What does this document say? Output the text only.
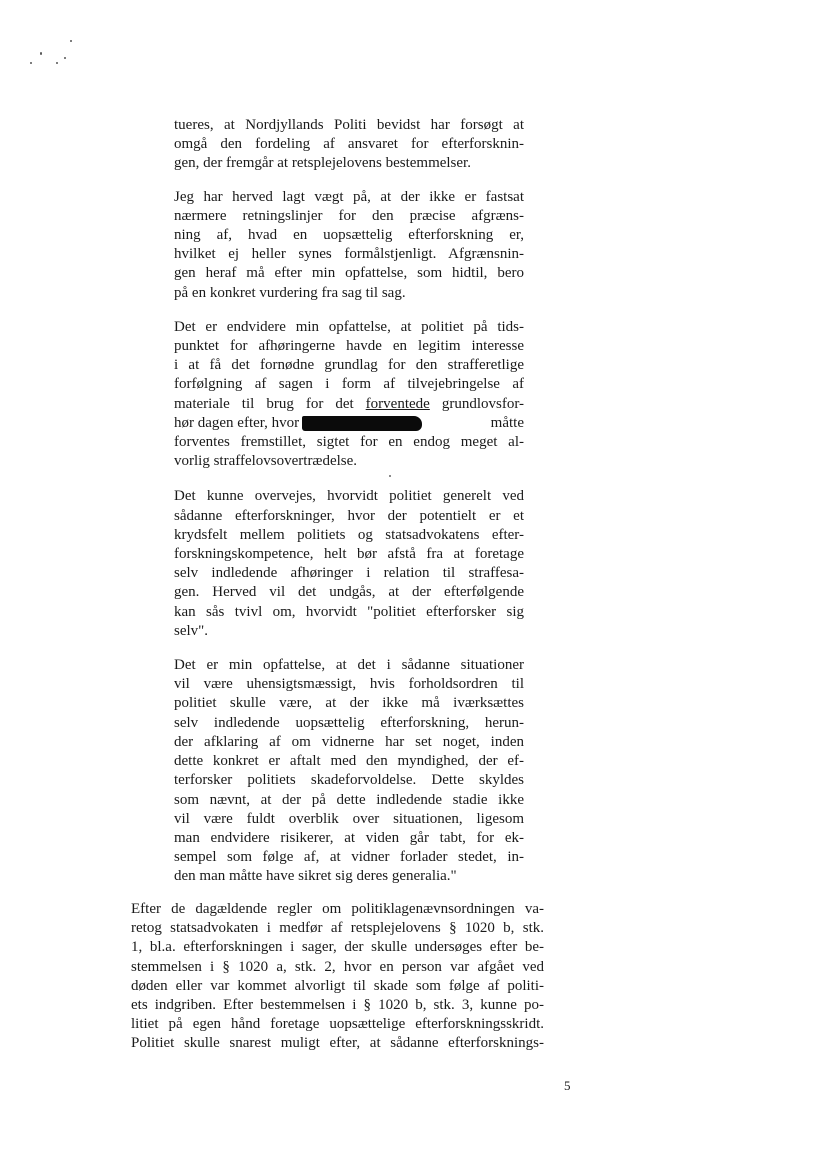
tueres, at Nordjyllands Politi bevidst har forsøgt at
omgå den fordeling af ansvaret for efterforsknin-
gen, der fremgår at retsplejelovens bestemmelser.

Jeg har herved lagt vægt på, at der ikke er fastsat
nærmere retningslinjer for den præcise afgræns-
ning af, hvad en uopsættelig efterforskning er,
hvilket ej heller synes formålstjenligt. Afgrænsnin-
gen heraf må efter min opfattelse, som hidtil, bero
på en konkret vurdering fra sag til sag.

Det er endvidere min opfattelse, at politiet på tids-
punktet for afhøringerne havde en legitim interesse
i at få det fornødne grundlag for den strafferetlige
forfølgning af sagen i form af tilvejebringelse af
materiale til brug for det forventede grundlovsfor-
hør dagen efter, hvor	måtte
forventes fremstillet, sigtet for en endog meget al-
vorlig straffelovsovertrædelse.

Det kunne overvejes, hvorvidt politiet generelt ved
sådanne efterforskninger, hvor der potentielt er et
krydsfelt mellem politiets og statsadvokatens efter-
forskningskompetence, helt bør afstå fra at foretage
selv indledende afhøringer i relation til straffesa-
gen. Herved vil det undgås, at der efterfølgende
kan sås tvivl om, hvorvidt "politiet efterforsker sig
selv".

Det er min opfattelse, at det i sådanne situationer
vil være uhensigtsmæssigt, hvis forholdsordren til
politiet skulle være, at der ikke må iværksættes
selv indledende uopsættelig efterforskning, herun-
der afklaring af om vidnerne har set noget, inden
dette konkret er aftalt med den myndighed, der ef-
terforsker politiets skadeforvoldelse. Dette skyldes
som nævnt, at der på dette indledende stadie ikke
vil være fuldt overblik over situationen, ligesom
man endvidere risikerer, at viden går tabt, for ek-
sempel som følge af, at vidner forlader stedet, in-
den man måtte have sikret sig deres generalia."

Efter de dagældende regler om politiklagenævnsordningen va-
retog statsadvokaten i medfør af retsplejelovens § 1020 b, stk.
1, bl.a. efterforskningen i sager, der skulle undersøges efter be-
stemmelsen i § 1020 a, stk. 2, hvor en person var afgået ved
døden eller var kommet alvorligt til skade som følge af politi-
ets indgriben. Efter bestemmelsen i § 1020 b, stk. 3, kunne po-
litiet på egen hånd foretage uopsættelige efterforskningsskridt.
Politiet skulle snarest muligt efter, at sådanne efterforsknings-

5
